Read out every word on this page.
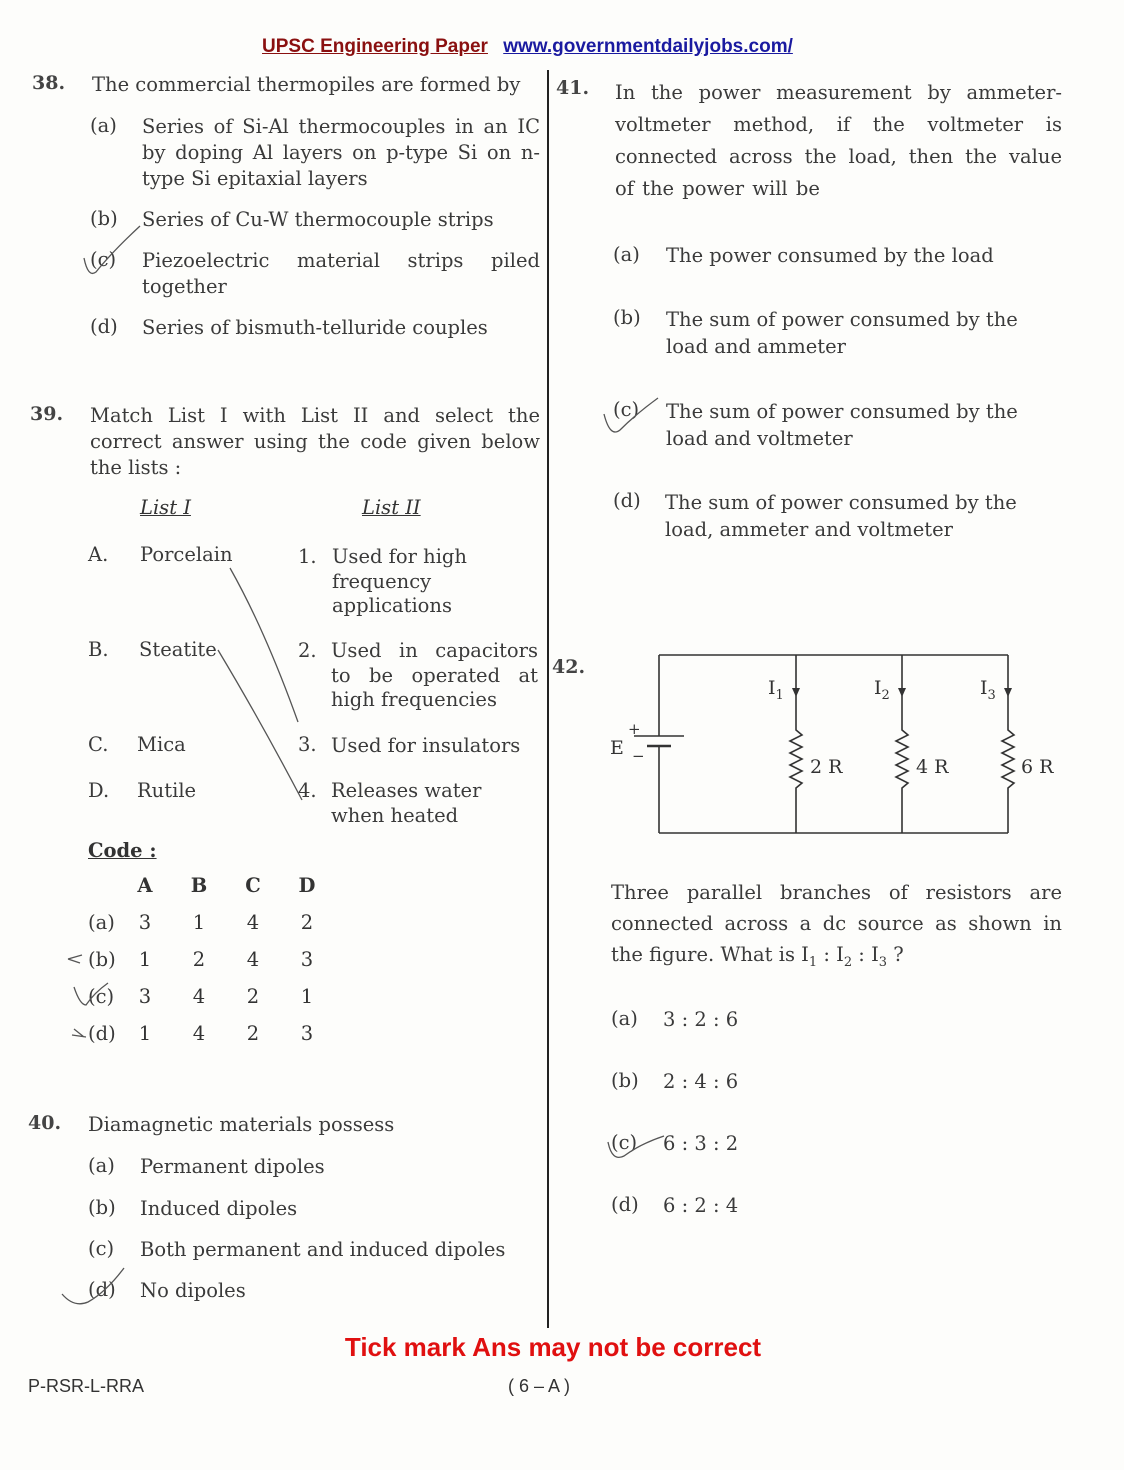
UPSC Engineering Paper www.governmentdailyjobs.com/
38. The commercial thermopiles are formed by
(a) Series of Si-Al thermocouples in an IC by doping Al layers on p-type Si on n-type Si epitaxial layers
(b) Series of Cu-W thermocouple strips
(c) Piezoelectric material strips piled together
(d) Series of bismuth-telluride couples
39. Match List I with List II and select the correct answer using the code given below the lists :
List I	List II
A. Porcelain
B. Steatite
C. Mica
D. Rutile
1. Used for high frequency applications
2. Used in capacitors to be operated at high frequencies
3. Used for insulators
4. Releases water when heated
Code :
A	B	C	D
(a)	3	1	4	2
(b)	1	2	4	3
(c)	3	4	2	1
(d)	1	4	2	3
40. Diamagnetic materials possess
(a) Permanent dipoles
(b) Induced dipoles
(c) Both permanent and induced dipoles
(d) No dipoles
41. In the power measurement by ammeter-voltmeter method, if the voltmeter is connected across the load, then the value of the power will be
(a) The power consumed by the load
(b) The sum of power consumed by the load and ammeter
(c) The sum of power consumed by the load and voltmeter
(d) The sum of power consumed by the load, ammeter and voltmeter
42.
E
+
−
$I_1$	$I_2$	$I_3$
2 R	4 R	6 R
Three parallel branches of resistors are connected across a dc source as shown in the figure. What is $I_1$ : $I_2$ : $I_3$ ?
(a) 3 : 2 : 6
(b) 2 : 4 : 6
(c) 6 : 3 : 2
(d) 6 : 2 : 4
Tick mark Ans may not be correct
P-RSR-L-RRA	( 6 – A )
